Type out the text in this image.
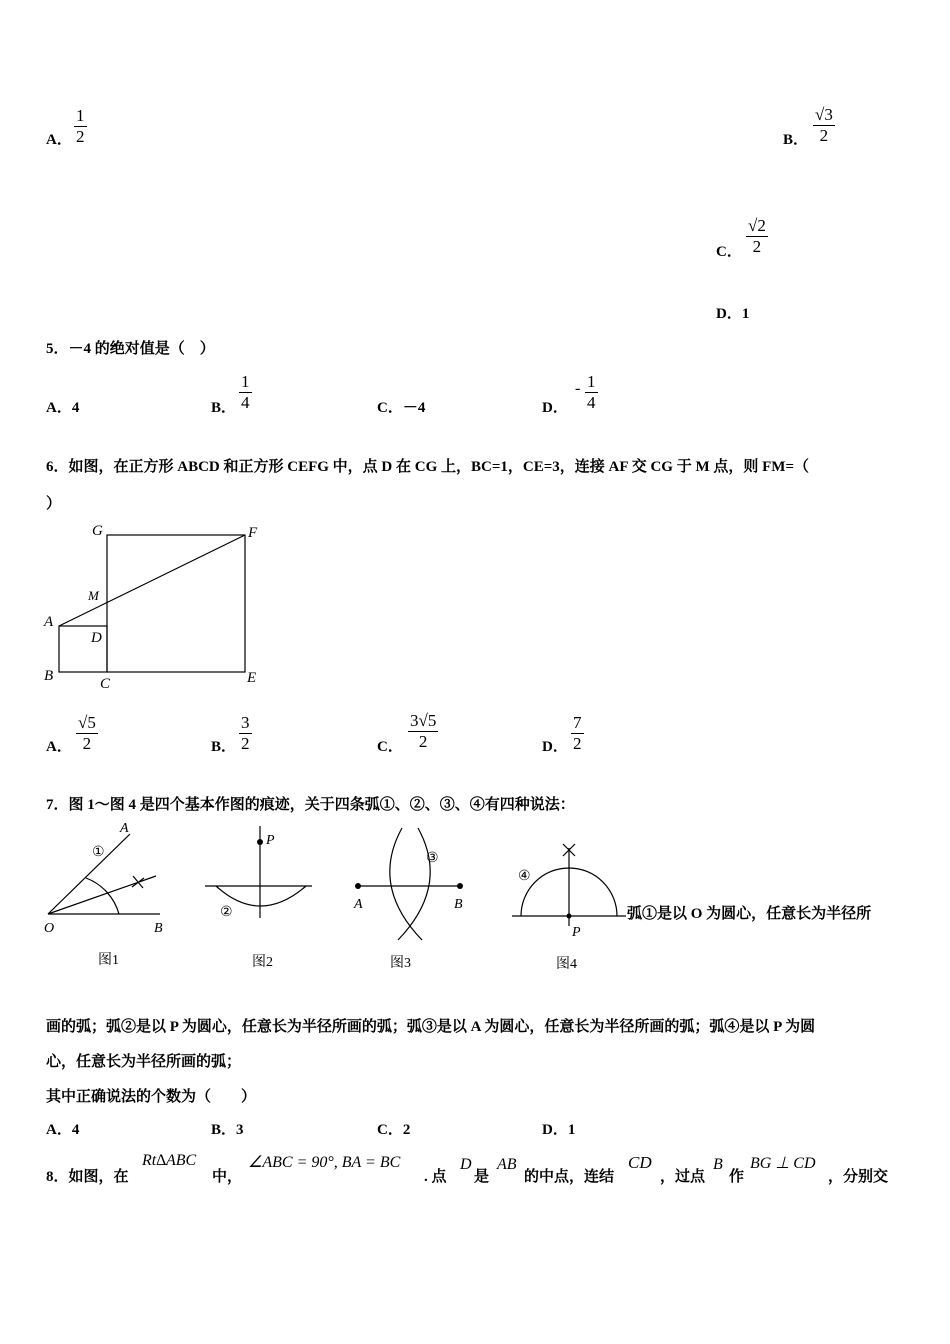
A． $\frac{1}{2}$	B． $\frac{√3}{2}$
C． $\frac{√2}{2}$
D．1
5．－4 的绝对值是（　）
A．4	B． $\frac{1}{4}$	C．－4	D．
- $\frac{1}{4}$
6．如图，在正方形 ABCD 和正方形 CEFG 中，点 D 在 CG 上，BC=1，CE=3，连接 AF 交 CG 于 M 点，则 FM=（
）
G	F
M
A
D
B	C	E
A． $\frac{√5}{2}$	B． $\frac{3}{2}$	C． $\frac{3√5}{2}$	D． $\frac{7}{2}$
7．图 1～图 4 是四个基本作图的痕迹，关于四条弧①、②、③、④有四种说法：
A
①
O	B
图1
P
②
图2
③
A	B
图3
④
P
图4
弧①是以 O 为圆心，任意长为半径所
画的弧；弧②是以 P 为圆心，任意长为半径所画的弧；弧③是以 A 为圆心，任意长为半径所画的弧；弧④是以 P 为圆
心，任意长为半径所画的弧；
其中正确说法的个数为（　　）
A．4	B．3	C．2	D．1
8．如图，在
Rt∆ABC
中，
∠ABC = 90°, BA = BC
. 点
D
是
AB
的中点，连结
CD
，过点
B
作
BG ⊥ CD
，分别交
